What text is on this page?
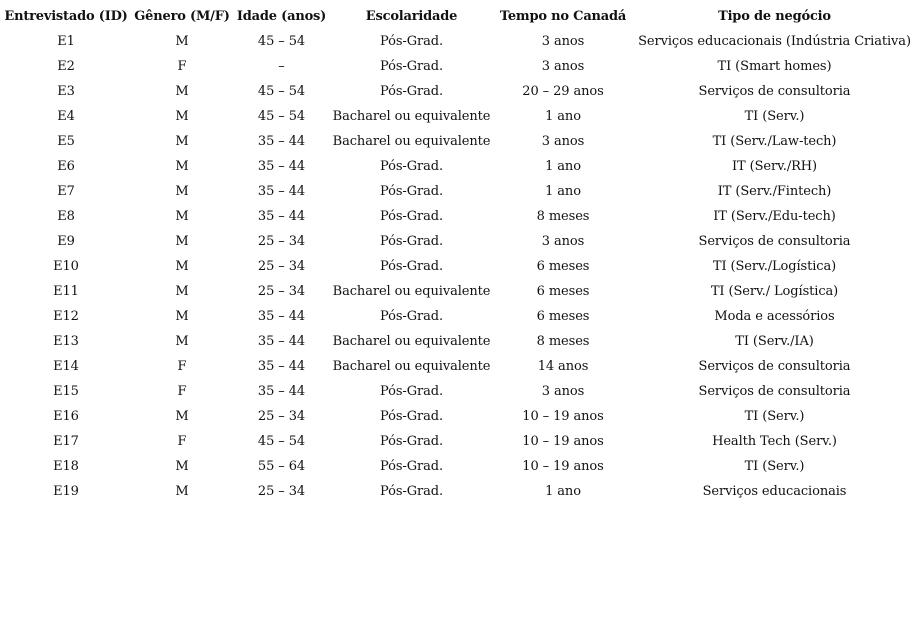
Entrevistado (ID)	Gênero (M/F)	Idade (anos)	Escolaridade	Tempo no Canadá	Tipo de negócio
E1	M	45 – 54	Pós-Grad.	3 anos	Serviços educacionais (Indústria Criativa)
E2	F	–	Pós-Grad.	3 anos	TI (Smart homes)
E3	M	45 – 54	Pós-Grad.	20 – 29 anos	Serviços de consultoria
E4	M	45 – 54	Bacharel ou equivalente	1 ano	TI (Serv.)
E5	M	35 – 44	Bacharel ou equivalente	3 anos	TI (Serv./Law-tech)
E6	M	35 – 44	Pós-Grad.	1 ano	IT (Serv./RH)
E7	M	35 – 44	Pós-Grad.	1 ano	IT (Serv./Fintech)
E8	M	35 – 44	Pós-Grad.	8 meses	IT (Serv./Edu-tech)
E9	M	25 – 34	Pós-Grad.	3 anos	Serviços de consultoria
E10	M	25 – 34	Pós-Grad.	6 meses	TI (Serv./Logística)
E11	M	25 – 34	Bacharel ou equivalente	6 meses	TI (Serv./ Logística)
E12	M	35 – 44	Pós-Grad.	6 meses	Moda e acessórios
E13	M	35 – 44	Bacharel ou equivalente	8 meses	TI (Serv./IA)
E14	F	35 – 44	Bacharel ou equivalente	14 anos	Serviços de consultoria
E15	F	35 – 44	Pós-Grad.	3 anos	Serviços de consultoria
E16	M	25 – 34	Pós-Grad.	10 – 19 anos	TI (Serv.)
E17	F	45 – 54	Pós-Grad.	10 – 19 anos	Health Tech (Serv.)
E18	M	55 – 64	Pós-Grad.	10 – 19 anos	TI (Serv.)
E19	M	25 – 34	Pós-Grad.	1 ano	Serviços educacionais
